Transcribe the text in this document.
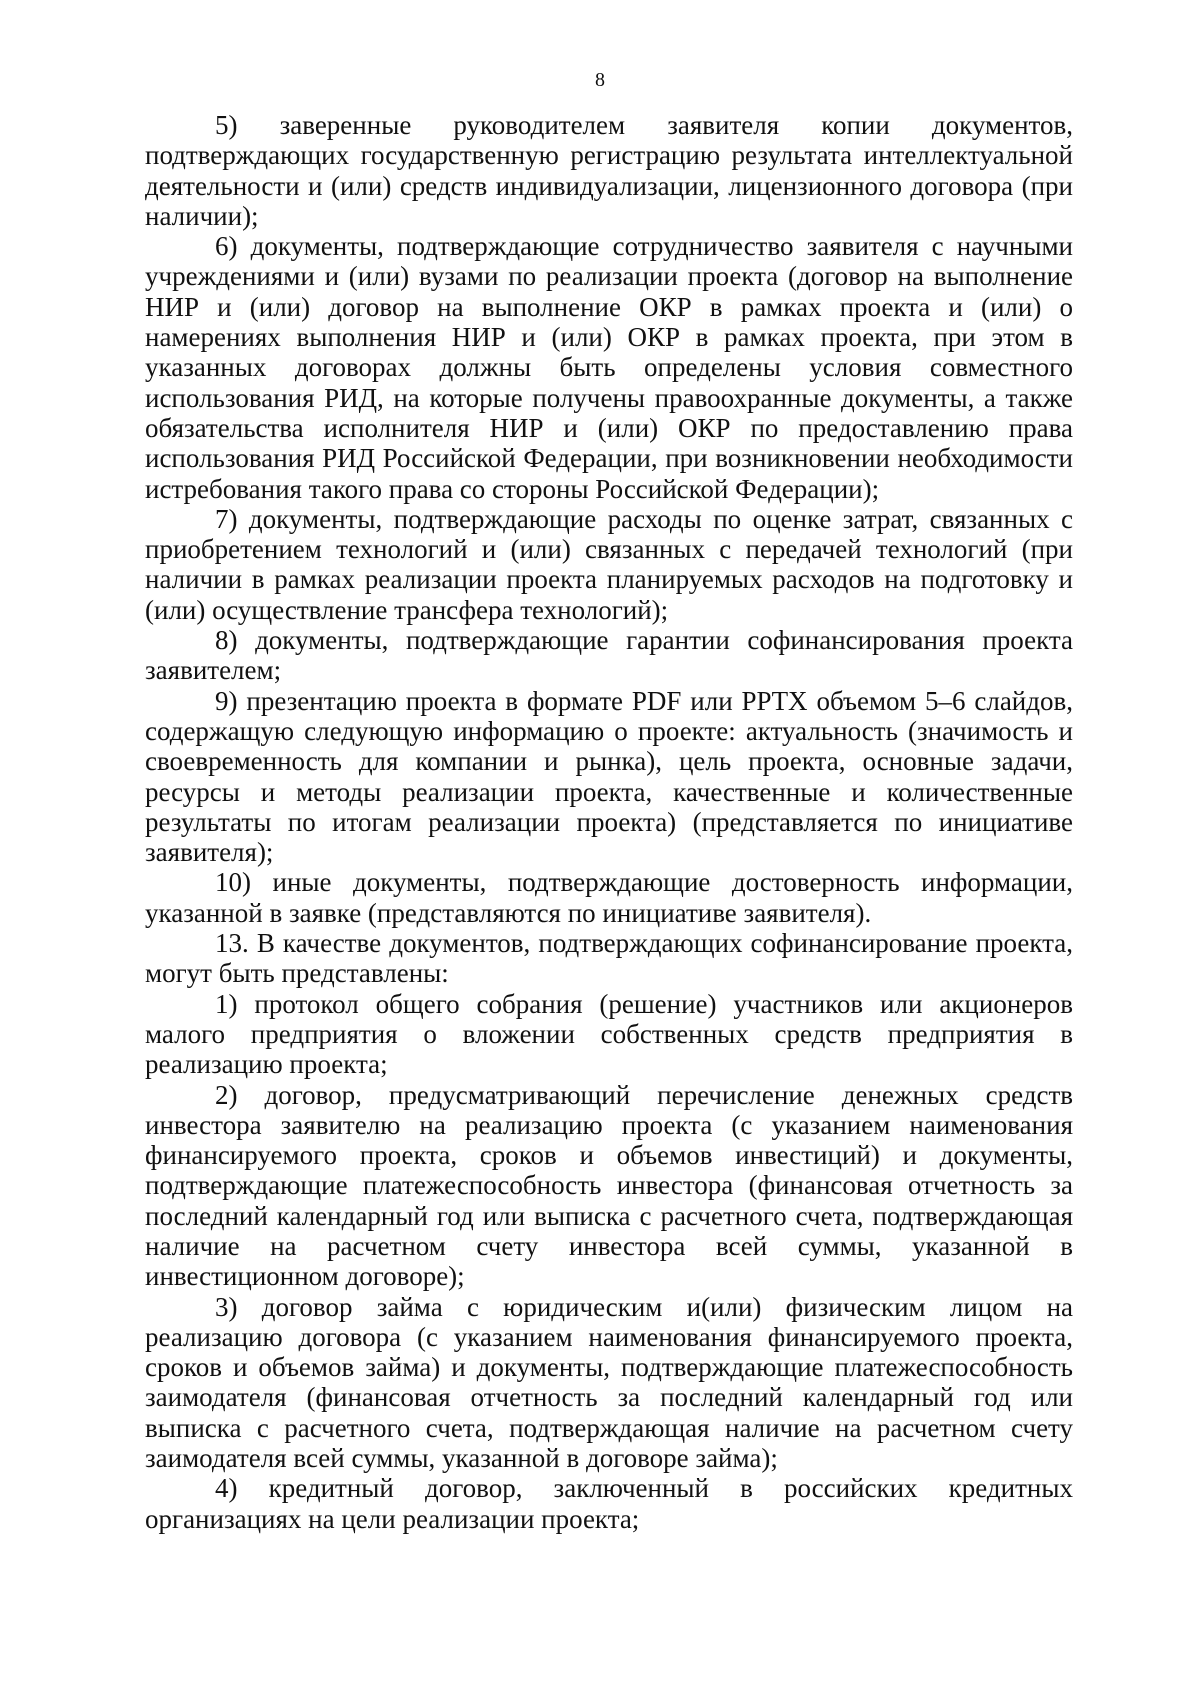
8

5) заверенные руководителем заявителя копии документов, подтверждающих государственную регистрацию результата интеллектуальной деятельности и (или) средств индивидуализации, лицензионного договора (при наличии);

6) документы, подтверждающие сотрудничество заявителя с научными учреждениями и (или) вузами по реализации проекта (договор на выполнение НИР и (или) договор на выполнение ОКР в рамках проекта и (или) о намерениях выполнения НИР и (или) ОКР в рамках проекта, при этом в указанных договорах должны быть определены условия совместного использования РИД, на которые получены правоохранные документы, а также обязательства исполнителя НИР и (или) ОКР по предоставлению права использования РИД Российской Федерации, при возникновении необходимости истребования такого права со стороны Российской Федерации);

7) документы, подтверждающие расходы по оценке затрат, связанных с приобретением технологий и (или) связанных с передачей технологий (при наличии в рамках реализации проекта планируемых расходов на подготовку и (или) осуществление трансфера технологий);

8) документы, подтверждающие гарантии софинансирования проекта заявителем;

9) презентацию проекта в формате PDF или PPTX объемом 5–6 слайдов, содержащую следующую информацию о проекте: актуальность (значимость и своевременность для компании и рынка), цель проекта, основные задачи, ресурсы и методы реализации проекта, качественные и количественные результаты по итогам реализации проекта) (представляется по инициативе заявителя);

10) иные документы, подтверждающие достоверность информации, указанной в заявке (представляются по инициативе заявителя).

13. В качестве документов, подтверждающих софинансирование проекта, могут быть представлены:

1) протокол общего собрания (решение) участников или акционеров малого предприятия о вложении собственных средств предприятия в реализацию проекта;

2) договор, предусматривающий перечисление денежных средств инвестора заявителю на реализацию проекта (с указанием наименования финансируемого проекта, сроков и объемов инвестиций) и документы, подтверждающие платежеспособность инвестора (финансовая отчетность за последний календарный год или выписка с расчетного счета, подтверждающая наличие на расчетном счету инвестора всей суммы, указанной в инвестиционном договоре);

3) договор займа с юридическим и(или) физическим лицом на реализацию договора (с указанием наименования финансируемого проекта, сроков и объемов займа) и документы, подтверждающие платежеспособность заимодателя (финансовая отчетность за последний календарный год или выписка с расчетного счета, подтверждающая наличие на расчетном счету заимодателя всей суммы, указанной в договоре займа);

4) кредитный договор, заключенный в российских кредитных организациях на цели реализации проекта;
